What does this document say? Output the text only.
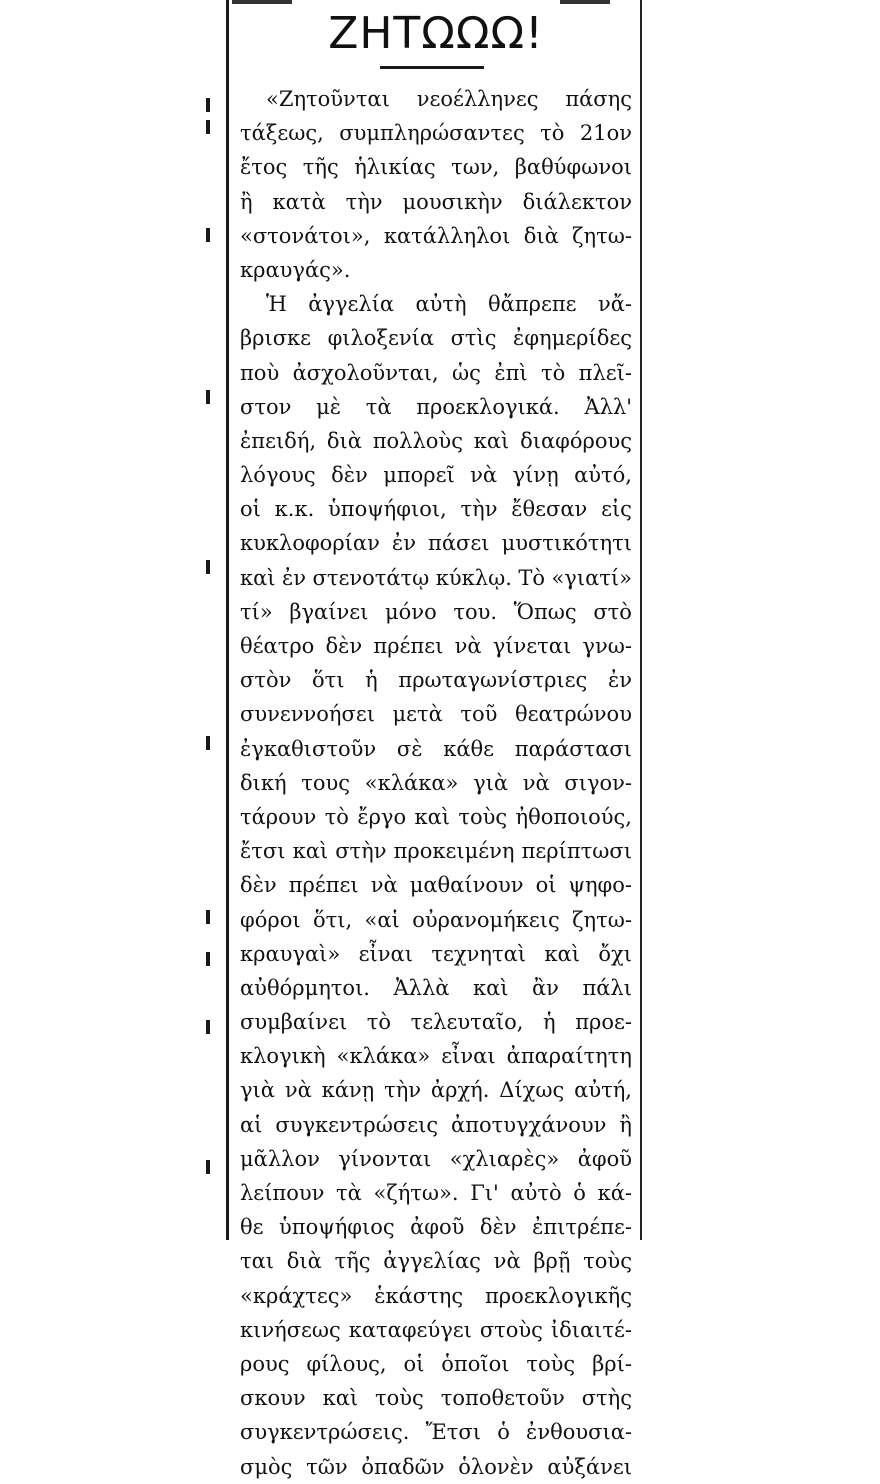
ΖΗΤΩΩΩ!
«Ζητοῦνται νεοέλληνες πάσης
τάξεως, συμπληρώσαντες τὸ 21ον
ἔτος τῆς ἡλικίας των, βαθύφωνοι
ἢ κατὰ τὴν μουσικὴν διάλεκτον
«στονάτοι», κατάλληλοι διὰ ζητω-
κραυγάς».
Ἡ ἀγγελία αὐτὴ θἄπρεπε νἄ-
βρισκε φιλοξενία στὶς ἐφημερίδες
ποὺ ἀσχολοῦνται, ὡς ἐπὶ τὸ πλεῖ-
στον μὲ τὰ προεκλογικά. Ἀλλ'
ἐπειδή, διὰ πολλοὺς καὶ διαφόρους
λόγους δὲν μπορεῖ νὰ γίνῃ αὐτό,
οἱ κ.κ. ὑποψήφιοι, τὴν ἔθεσαν εἰς
κυκλοφορίαν ἐν πάσει μυστικότητι
καὶ ἐν στενοτάτῳ κύκλῳ. Τὸ «γιατί»
τί» βγαίνει μόνο του. Ὅπως στὸ
θέατρο δὲν πρέπει νὰ γίνεται γνω-
στὸν ὅτι ἡ πρωταγωνίστριες ἐν
συνεννοήσει μετὰ τοῦ θεατρώνου
ἐγκαθιστοῦν σὲ κάθε παράστασι
δική τους «κλάκα» γιὰ νὰ σιγον-
τάρουν τὸ ἔργο καὶ τοὺς ἠθοποιούς,
ἔτσι καὶ στὴν προκειμένη περίπτωσι
δὲν πρέπει νὰ μαθαίνουν οἱ ψηφο-
φόροι ὅτι, «αἱ οὐρανομήκεις ζητω-
κραυγαὶ» εἶναι τεχνηταὶ καὶ ὄχι
αὐθόρμητοι. Ἀλλὰ καὶ ἂν πάλι
συμβαίνει τὸ τελευταῖο, ἡ προε-
κλογικὴ «κλάκα» εἶναι ἀπαραίτητη
γιὰ νὰ κάνῃ τὴν ἀρχή. Δίχως αὐτή,
αἱ συγκεντρώσεις ἀποτυγχάνουν ἢ
μᾶλλον γίνονται «χλιαρὲς» ἀφοῦ
λείπουν τὰ «ζήτω». Γι' αὐτὸ ὁ κά-
θε ὑποψήφιος ἀφοῦ δὲν ἐπιτρέπε-
ται διὰ τῆς ἀγγελίας νὰ βρῇ τοὺς
«κράχτες» ἑκάστης προεκλογικῆς
κινήσεως καταφεύγει στοὺς ἰδιαιτέ-
ρους φίλους, οἱ ὁποῖοι τοὺς βρί-
σκουν καὶ τοὺς τοποθετοῦν στὴς
συγκεντρώσεις. Ἔτσι ὁ ἐνθουσια-
σμὸς τῶν ὀπαδῶν ὁλονὲν αὐξάνει
